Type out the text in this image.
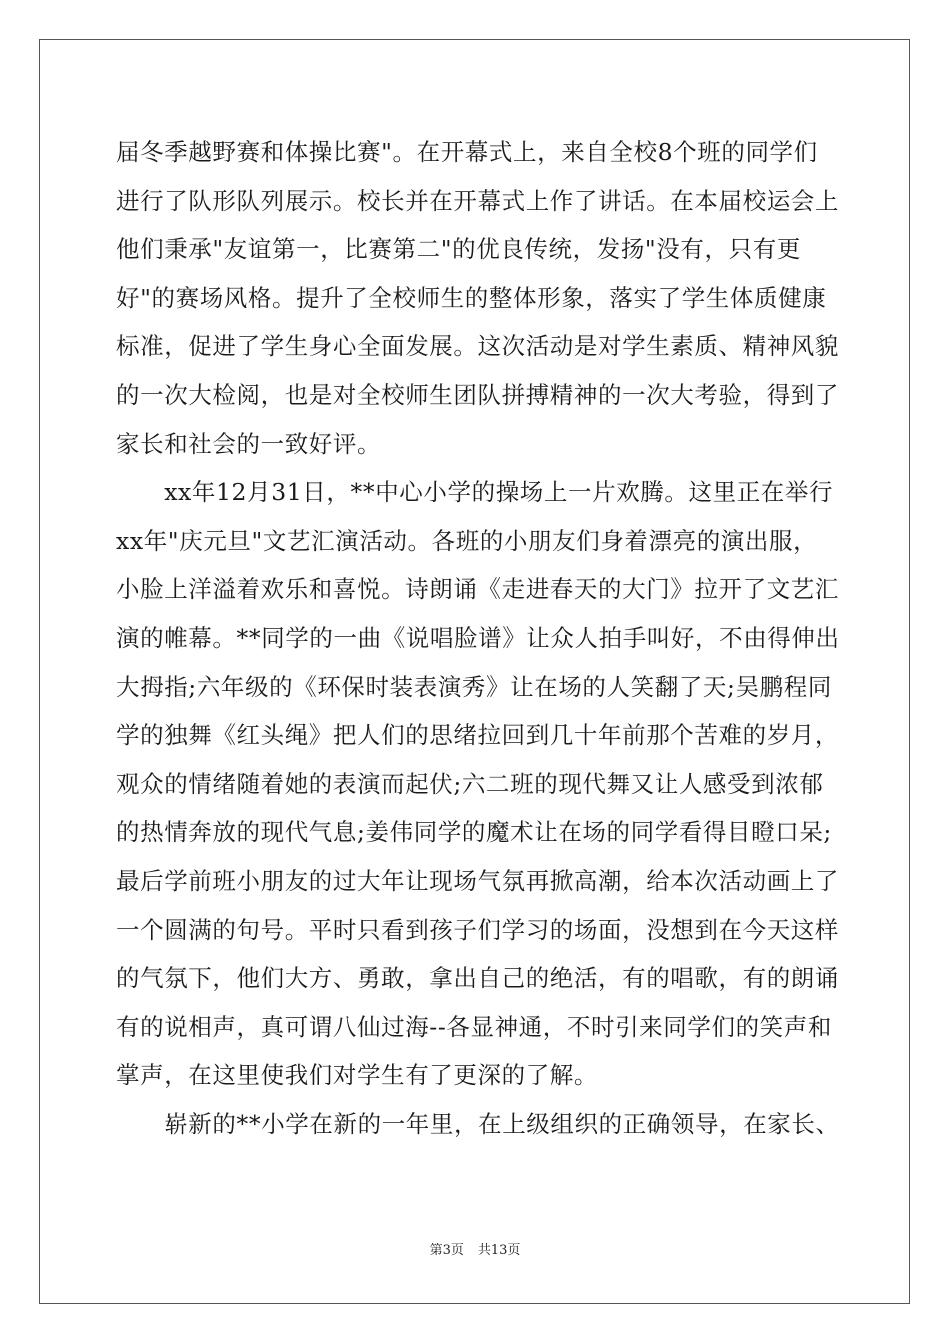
届冬季越野赛和体操比赛"。在开幕式上，来自全校8个班的同学们
进行了队形队列展示。校长并在开幕式上作了讲话。在本届校运会上
他们秉承"友谊第一，比赛第二"的优良传统，发扬"没有，只有更
好"的赛场风格。提升了全校师生的整体形象，落实了学生体质健康
标准，促进了学生身心全面发展。这次活动是对学生素质、精神风貌
的一次大检阅，也是对全校师生团队拼搏精神的一次大考验，得到了
家长和社会的一致好评。
　　xx年12月31日，**中心小学的操场上一片欢腾。这里正在举行
xx年"庆元旦"文艺汇演活动。各班的小朋友们身着漂亮的演出服，
小脸上洋溢着欢乐和喜悦。诗朗诵《走进春天的大门》拉开了文艺汇
演的帷幕。**同学的一曲《说唱脸谱》让众人拍手叫好，不由得伸出
大拇指;六年级的《环保时装表演秀》让在场的人笑翻了天;吴鹏程同
学的独舞《红头绳》把人们的思绪拉回到几十年前那个苦难的岁月，
观众的情绪随着她的表演而起伏;六二班的现代舞又让人感受到浓郁
的热情奔放的现代气息;姜伟同学的魔术让在场的同学看得目瞪口呆;
最后学前班小朋友的过大年让现场气氛再掀高潮，给本次活动画上了
一个圆满的句号。平时只看到孩子们学习的场面，没想到在今天这样
的气氛下，他们大方、勇敢，拿出自己的绝活，有的唱歌，有的朗诵
有的说相声，真可谓八仙过海--各显神通，不时引来同学们的笑声和
掌声，在这里使我们对学生有了更深的了解。
　　崭新的**小学在新的一年里，在上级组织的正确领导，在家长、
第3页 共13页
